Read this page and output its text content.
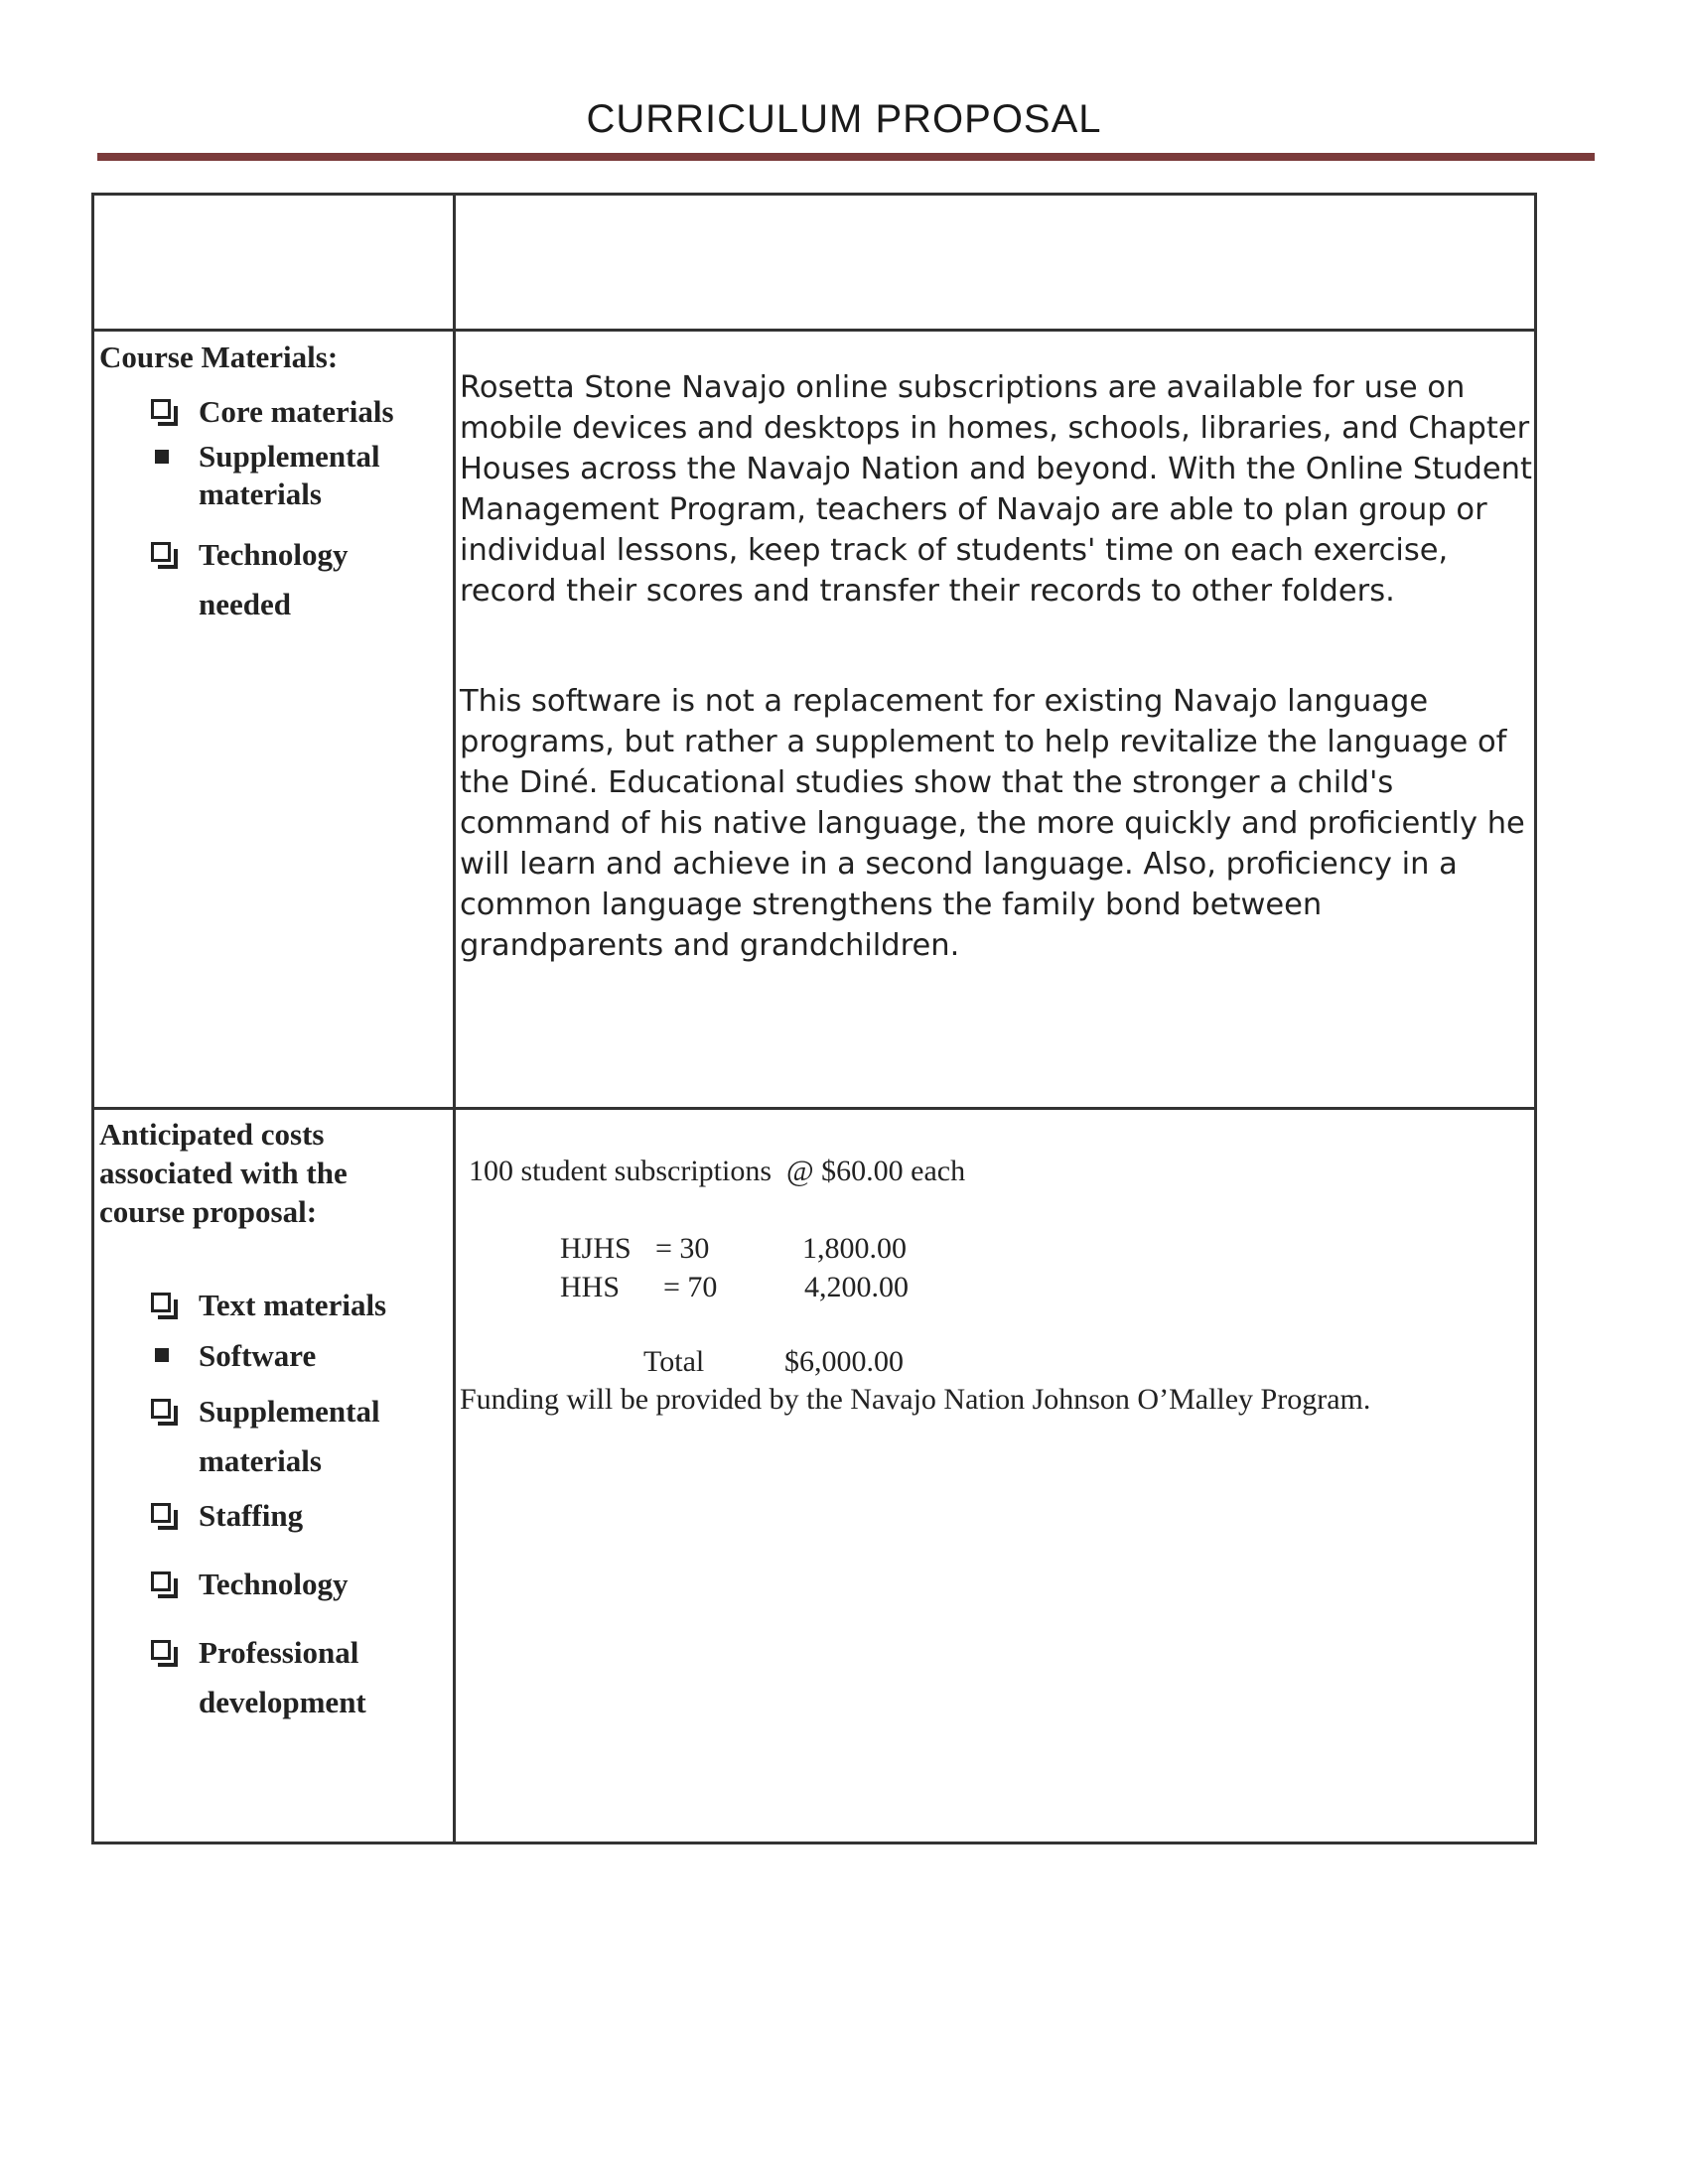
CURRICULUM PROPOSAL
Course Materials:
Core materials
Supplemental
materials
Technology
needed
Rosetta Stone Navajo online subscriptions are available for use on mobile devices and desktops in homes, schools, libraries, and Chapter Houses across the Navajo Nation and beyond. With the Online Student Management Program, teachers of Navajo are able to plan group or individual lessons, keep track of students' time on each exercise, record their scores and transfer their records to other folders.
This software is not a replacement for existing Navajo language programs, but rather a supplement to help revitalize the language of the Diné. Educational studies show that the stronger a child's command of his native language, the more quickly and proficiently he will learn and achieve in a second language. Also, proficiency in a common language strengthens the family bond between grandparents and grandchildren.
Anticipated costs
associated with the
course proposal:
Text materials
Software
Supplemental
materials
Staffing
Technology
Professional
development
100 student subscriptions  @ $60.00 each
HJHS = 30	1,800.00
HHS = 70	4,200.00
Total	$6,000.00
Funding will be provided by the Navajo Nation Johnson O’Malley Program.
